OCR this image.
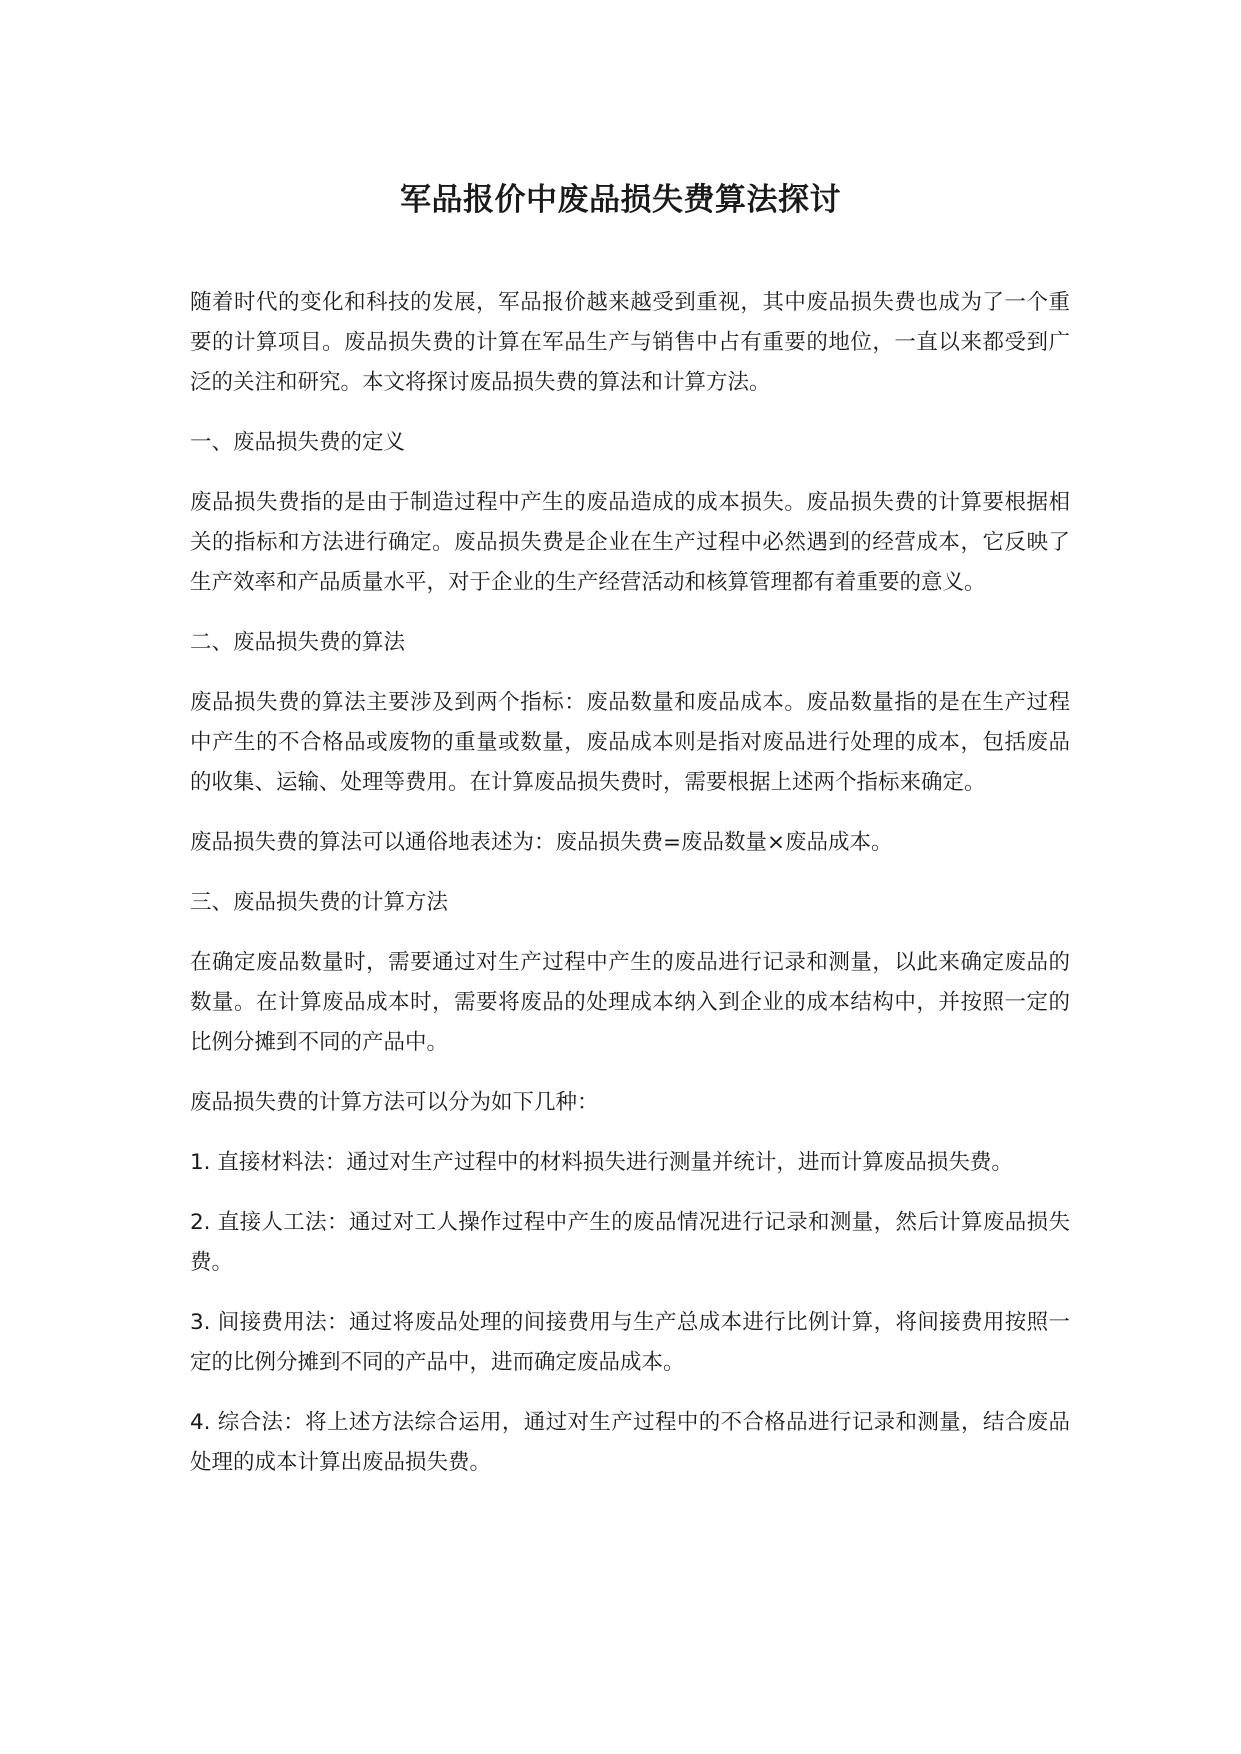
军品报价中废品损失费算法探讨

随着时代的变化和科技的发展，军品报价越来越受到重视，其中废品损失费也成为了一个重要的计算项目。废品损失费的计算在军品生产与销售中占有重要的地位，一直以来都受到广泛的关注和研究。本文将探讨废品损失费的算法和计算方法。

一、废品损失费的定义

废品损失费指的是由于制造过程中产生的废品造成的成本损失。废品损失费的计算要根据相关的指标和方法进行确定。废品损失费是企业在生产过程中必然遇到的经营成本，它反映了生产效率和产品质量水平，对于企业的生产经营活动和核算管理都有着重要的意义。

二、废品损失费的算法

废品损失费的算法主要涉及到两个指标：废品数量和废品成本。废品数量指的是在生产过程中产生的不合格品或废物的重量或数量，废品成本则是指对废品进行处理的成本，包括废品的收集、运输、处理等费用。在计算废品损失费时，需要根据上述两个指标来确定。

废品损失费的算法可以通俗地表述为：废品损失费=废品数量×废品成本。

三、废品损失费的计算方法

在确定废品数量时，需要通过对生产过程中产生的废品进行记录和测量，以此来确定废品的数量。在计算废品成本时，需要将废品的处理成本纳入到企业的成本结构中，并按照一定的比例分摊到不同的产品中。

废品损失费的计算方法可以分为如下几种：

1. 直接材料法：通过对生产过程中的材料损失进行测量并统计，进而计算废品损失费。

2. 直接人工法：通过对工人操作过程中产生的废品情况进行记录和测量，然后计算废品损失费。

3. 间接费用法：通过将废品处理的间接费用与生产总成本进行比例计算，将间接费用按照一定的比例分摊到不同的产品中，进而确定废品成本。

4. 综合法：将上述方法综合运用，通过对生产过程中的不合格品进行记录和测量，结合废品处理的成本计算出废品损失费。
